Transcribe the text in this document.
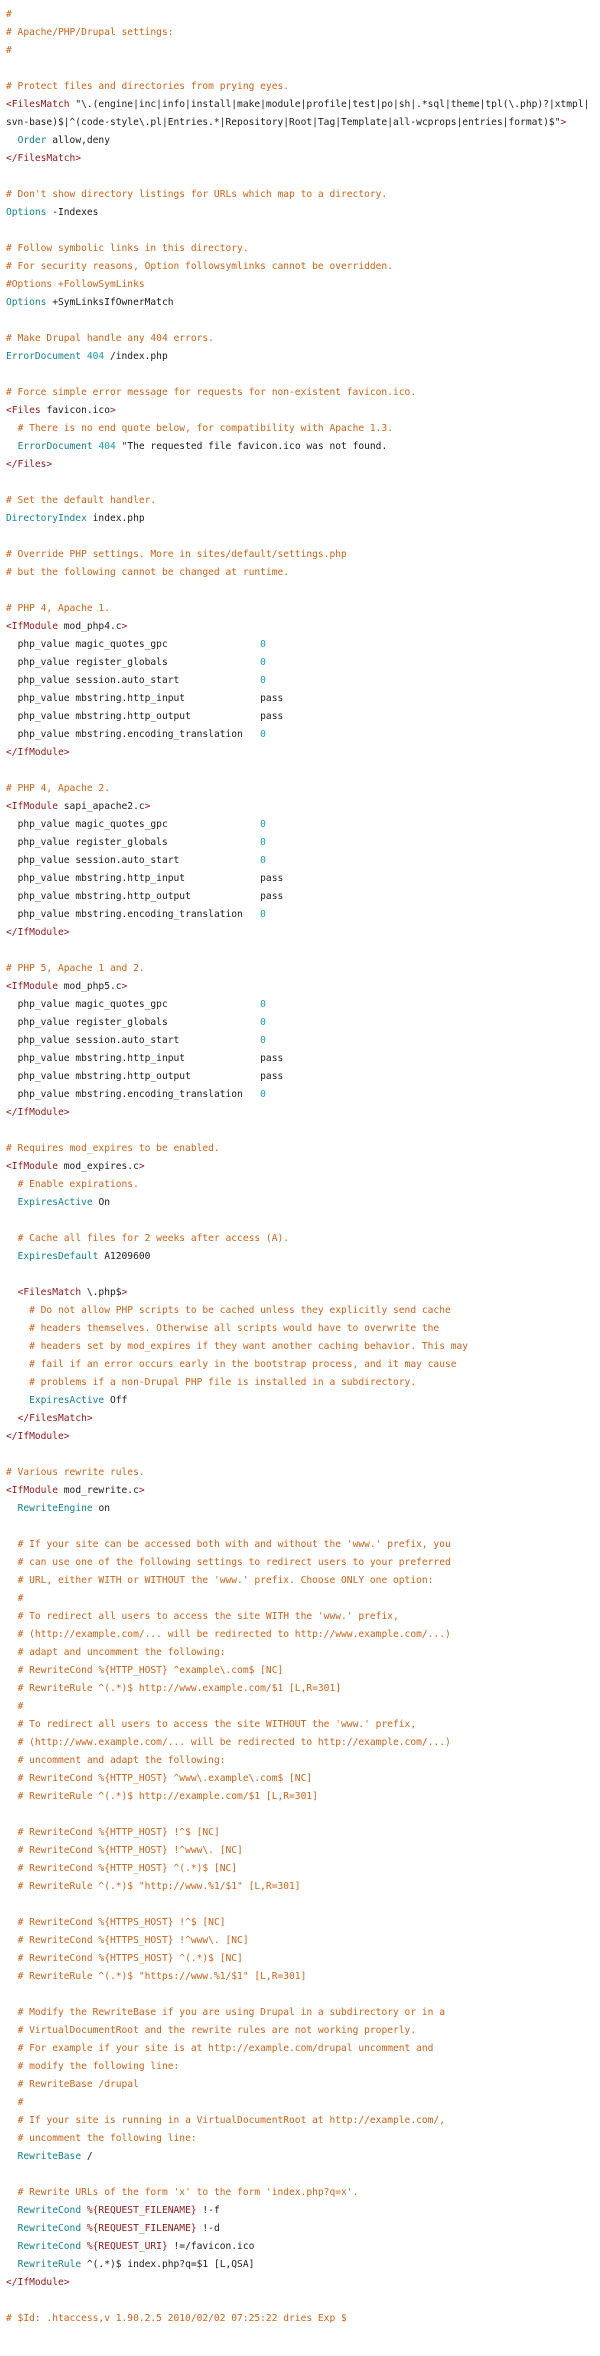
#
# Apache/PHP/Drupal settings:
#
# Protect files and directories from prying eyes.
<FilesMatch "\.(engine|inc|info|install|make|module|profile|test|po|sh|.*sql|theme|tpl(\.php)?|xtmpl|svn-base)$|^(code-style\.pl|Entries.*|Repository|Root|Tag|Template|all-wcprops|entries|format)$">
Order allow,deny
</FilesMatch>
# Don't show directory listings for URLs which map to a directory.
Options -Indexes
# Follow symbolic links in this directory.
# For security reasons, Option followsymlinks cannot be overridden.
#Options +FollowSymLinks
Options +SymLinksIfOwnerMatch
# Make Drupal handle any 404 errors.
ErrorDocument 404 /index.php
# Force simple error message for requests for non-existent favicon.ico.
<Files favicon.ico>
# There is no end quote below, for compatibility with Apache 1.3.
ErrorDocument 404 "The requested file favicon.ico was not found.
</Files>
# Set the default handler.
DirectoryIndex index.php
# Override PHP settings. More in sites/default/settings.php
# but the following cannot be changed at runtime.
# PHP 4, Apache 1.
<IfModule mod_php4.c>
php_value magic_quotes_gpc                0
php_value register_globals                0
php_value session.auto_start              0
php_value mbstring.http_input             pass
php_value mbstring.http_output            pass
php_value mbstring.encoding_translation   0
</IfModule>
# PHP 4, Apache 2.
<IfModule sapi_apache2.c>
php_value magic_quotes_gpc                0
php_value register_globals                0
php_value session.auto_start              0
php_value mbstring.http_input             pass
php_value mbstring.http_output            pass
php_value mbstring.encoding_translation   0
</IfModule>
# PHP 5, Apache 1 and 2.
<IfModule mod_php5.c>
php_value magic_quotes_gpc                0
php_value register_globals                0
php_value session.auto_start              0
php_value mbstring.http_input             pass
php_value mbstring.http_output            pass
php_value mbstring.encoding_translation   0
</IfModule>
# Requires mod_expires to be enabled.
<IfModule mod_expires.c>
# Enable expirations.
ExpiresActive On
# Cache all files for 2 weeks after access (A).
ExpiresDefault A1209600
<FilesMatch \.php$>
# Do not allow PHP scripts to be cached unless they explicitly send cache
# headers themselves. Otherwise all scripts would have to overwrite the
# headers set by mod_expires if they want another caching behavior. This may
# fail if an error occurs early in the bootstrap process, and it may cause
# problems if a non-Drupal PHP file is installed in a subdirectory.
ExpiresActive Off
</FilesMatch>
</IfModule>
# Various rewrite rules.
<IfModule mod_rewrite.c>
RewriteEngine on
# If your site can be accessed both with and without the 'www.' prefix, you
# can use one of the following settings to redirect users to your preferred
# URL, either WITH or WITHOUT the 'www.' prefix. Choose ONLY one option:
#
# To redirect all users to access the site WITH the 'www.' prefix,
# (http://example.com/... will be redirected to http://www.example.com/...)
# adapt and uncomment the following:
# RewriteCond %{HTTP_HOST} ^example\.com$ [NC]
# RewriteRule ^(.*)$ http://www.example.com/$1 [L,R=301]
#
# To redirect all users to access the site WITHOUT the 'www.' prefix,
# (http://www.example.com/... will be redirected to http://example.com/...)
# uncomment and adapt the following:
# RewriteCond %{HTTP_HOST} ^www\.example\.com$ [NC]
# RewriteRule ^(.*)$ http://example.com/$1 [L,R=301]
# RewriteCond %{HTTP_HOST} !^$ [NC]
# RewriteCond %{HTTP_HOST} !^www\. [NC]
# RewriteCond %{HTTP_HOST} ^(.*)$ [NC]
# RewriteRule ^(.*)$ "http://www.%1/$1" [L,R=301]
# RewriteCond %{HTTPS_HOST} !^$ [NC]
# RewriteCond %{HTTPS_HOST} !^www\. [NC]
# RewriteCond %{HTTPS_HOST} ^(.*)$ [NC]
# RewriteRule ^(.*)$ "https://www.%1/$1" [L,R=301]
# Modify the RewriteBase if you are using Drupal in a subdirectory or in a
# VirtualDocumentRoot and the rewrite rules are not working properly.
# For example if your site is at http://example.com/drupal uncomment and
# modify the following line:
# RewriteBase /drupal
#
# If your site is running in a VirtualDocumentRoot at http://example.com/,
# uncomment the following line:
RewriteBase /
# Rewrite URLs of the form 'x' to the form 'index.php?q=x'.
RewriteCond %{REQUEST_FILENAME} !-f
RewriteCond %{REQUEST_FILENAME} !-d
RewriteCond %{REQUEST_URI} !=/favicon.ico
RewriteRule ^(.*)$ index.php?q=$1 [L,QSA]
</IfModule>
# $Id: .htaccess,v 1.90.2.5 2010/02/02 07:25:22 dries Exp $
